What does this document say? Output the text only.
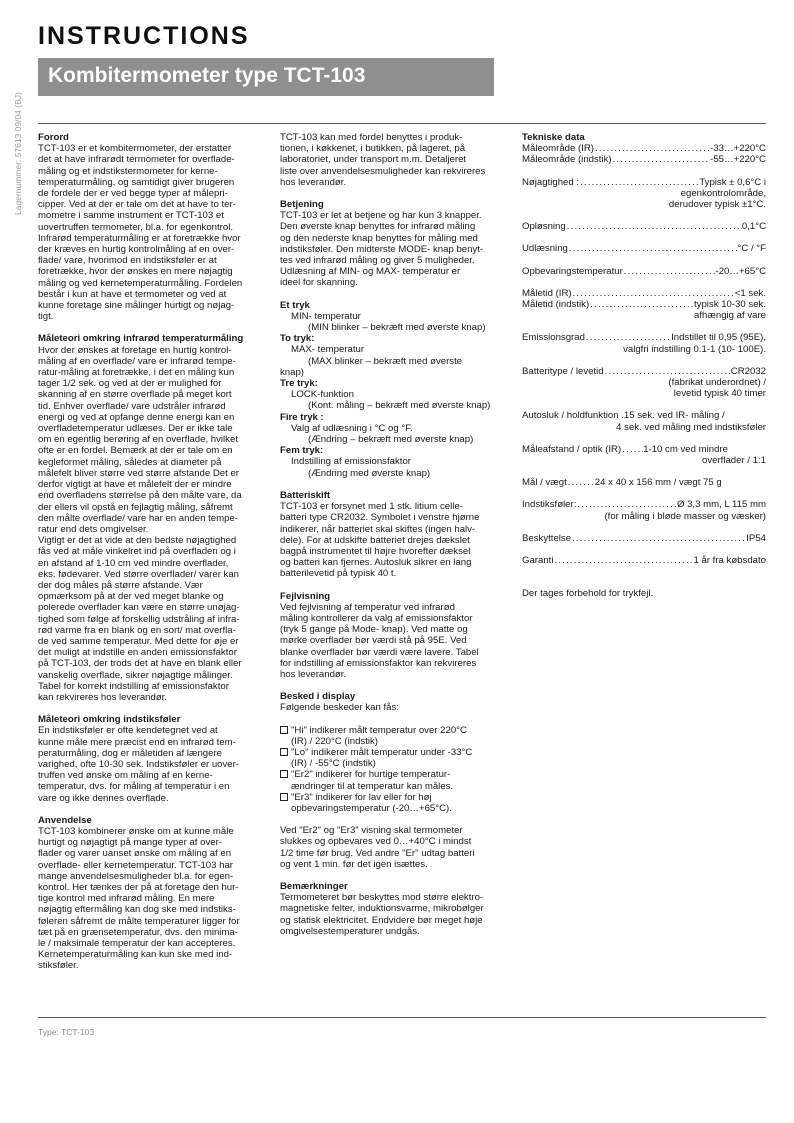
INSTRUCTIONS
Kombitermometer type TCT-103
Lagernummer: 57613 09/04 (BJ) Forord
TCT-103 er et kombitermometer, der erstatter
det at have infrarødt termometer for overflade-
måling og et indstikstermometer for kerne-
temperaturmåling, og samtidigt giver brugeren
de fordele der er ved begge typer af målepri-
cipper. Ved at der er tale om det at have to ter-
mometre i samme instrument er TCT-103 et
uovertruffen termometer, bl.a. for egenkontrol.
Infrarød temperaturmåling er at foretrække hvor
der kræves en hurtig kontrolmåling af en over-
flade/ vare, hvorimod en indstiksføler er at
foretrække, hvor der ønskes en mere nøjagtig
måling og ved kernetemperaturmåling. Fordelen
består i kun at have et termometer og ved at
kunne foretage sine målinger hurtigt og nøjag-
tigt.
Måleteori omkring infrarød temperaturmåling
Hvor der ønskes at foretage en hurtig kontrol-
måling af en overflade/ vare er infrarød tempe-
ratur-måling at foretrække, i det en måling kun
tager 1/2 sek. og ved at der er mulighed for
skanning af en større overflade på meget kort
tid. Enhver overflade/ vare udstråler infrarød
energi og ved at opfange denne energi kan en
overfladetemperatur udlæses. Der er ikke tale
om en egentlig berøring af en overflade, hvilket
ofte er en fordel. Bemærk at der er tale om en
kegleformet måling, således at diameter på
målefelt bliver større ved større afstande Det er
derfor vigtigt at have et målefelt der er mindre
end overfladens størrelse på den målte vare, da
der ellers vil opstå en fejlagtig måling, såfremt
den målte overflade/ vare har en anden tempe-
ratur end dets omgivelser.
Vigtigt er det at vide at den bedste nøjagtighed
fås ved at måle vinkelret ind på overfladen og i
en afstand af 1-10 cm ved mindre overflader,
eks. fødevarer. Ved større overflader/ varer kan
der dog måles på større afstande. Vær
opmærksom på at der ved meget blanke og
polerede overflader kan være en større unøjag-
tighed som følge af forskellig udstråling af infra-
rød varme fra en blank og en sort/ mat overfla-
de ved samme temperatur. Med dette for øje er
det muligt at indstille en anden emissionsfaktor
på TCT-103, der trods det at have en blank eller
vanskelig overflade, sikrer nøjagtige målinger.
Tabel for korrekt indstilling af emissionsfaktor
kan rekvireres hos leverandør.
Måleteori omkring indstiksføler
En indstiksføler er ofte kendetegnet ved at
kunne måle mere præcist end en infrarød tem-
peraturmåling, dog er måletiden af længere
varighed, ofte 10-30 sek. Indstiksføler er uover-
truffen ved ønske om måling af en kerne-
temperatur, dvs. for måling af temperatur i en
vare og ikke dennes overflade.
Anvendelse
TCT-103 kombinerer ønske om at kunne måle
hurtigt og nøjagtigt på mange typer af over-
flader og varer uanset ønske om måling af en
overflade- eller kernetemperatur. TCT-103 har
mange anvendelsesmuligheder bl.a. for egen-
kontrol. Her tænkes der på at foretage den hur-
tige kontrol med infrarød måling. En mere
nøjagtig eftermåling kan dog ske med indstiks-
føleren såfremt de målte temperaturer ligger for
tæt på en grænsetemperatur, dvs. den minima-
le / maksimale temperatur der kan accepteres.
Kernetemperaturmåling kan kun ske med ind-
stiksføler.
TCT-103 kan med fordel benyttes i produk-
tionen, i køkkenet, i butikken, på lageret, på
laboratoriet, under transport m.m. Detaljeret
liste over anvendelsesmuligheder kan rekvireres
hos leverandør.
Betjening
TCT-103 er let at betjene og har kun 3 knapper.
Den øverste knap benyttes for infrarød måling
og den nederste knap benyttes for måling med
indstiksføler. Den midterste MODE- knap benyt-
tes ved infrarød måling og giver 5 muligheder.
Udlæsning af MIN- og MAX- temperatur er
ideel for skanning.
Et tryk
MIN- temperatur
(MIN blinker – bekræft med øverste knap)
To tryk:
MAX- temperatur
(MAX blinker – bekræft med øverste
knap)
Tre tryk:
LOCK-funktion
(Kont. måling – bekræft med øverste knap)
Fire tryk :
Valg af udlæsning i °C og °F.
(Ændring – bekræft med øverste knap)
Fem tryk:
Indstilling af emissionsfaktor
(Ændring med øverste knap)
Batteriskift
TCT-103 er forsynet med 1 stk. litium celle-
batteri type CR2032. Symbolet i venstre hjørne
indikerer, når batteriet skal skiftes (ingen halv-
dele). For at udskifte batteriet drejes dækslet
bagpå instrumentet til højre hvorefter dæksel
og batteri kan fjernes. Autosluk sikrer en lang
batterilevetid på typisk 40 t.
Fejlvisning
Ved fejlvisning af temperatur ved infrarød
måling kontrollerer da valg af emissionsfaktor
(tryk 5 gange på Mode- knap). Ved matte og
mørke overflader bør værdi stå på 95E. Ved
blanke overflader bør værdi være lavere. Tabel
for indstilling af emissionsfaktor kan rekvireres
hos leverandør.
Besked i display
Følgende beskeder kan fås:
"Hi" indikerer målt temperatur over 220°C
(IR) / 220°C (indstik)
"Lo" indikerer målt temperatur under -33°C
(IR) / -55°C (indstik)
"Er2" indikerer for hurtige temperatur-
ændringer til at temperatur kan måles.
"Er3" indikerer for lav eller for høj
opbevaringstemperatur (-20…+65°C).
Ved "Er2" og "Er3" visning skal termometer
slukkes og opbevares ved 0…+40°C i mindst
1/2 time før brug. Ved andre "Er" udtag batteri
og vent 1 min. før det igen isættes.
Bemærkninger
Termometeret bør beskyttes mod større elektro-
magnetiske felter, induktionsvarme, mikrobølger
og statisk elektricitet. Endvidere bør meget høje
omgivelsestemperaturer undgås.
Tekniske data
Måleområde (IR) .....	-33…+220°C
Måleområde (indstik) .....	-55…+220°C
Nøjagtighed : .....	Typisk ± 0,6°C i
egenkontrolområde,
derudover typisk ±1°C.
Opløsning .....	0,1°C
Udlæsning .....	°C / °F
Opbevaringstemperatur .....	-20…+65°C
Måletid (IR) .....	<1 sek.
Måletid (indstik) .....	typisk 10-30 sek.
afhængig af vare
Emissionsgrad .....	Indstillet til 0,95 (95E),
valgfri indstilling 0.1-1 (10- 100E).
Batteritype / levetid .....	CR2032
(fabrikat underordnet) /
levetid typisk 40 timer
Autosluk / holdfunktion
.15 sek. ved IR- måling /
4 sek. ved måling med indstiksføler
Måleafstand / optik (IR) ..... 1-10 cm ved mindre
overflader / 1:1
Mål / vægt .....	24 x 40 x 156 mm / vægt 75 g
Indstiksføler: .....	Ø 3,3 mm, L 115 mm
(for måling i bløde masser og væsker)
Beskyttelse .....	IP54
Garanti .....	1 år fra købsdato
Der tages forbehold for trykfejl.
Type: TCT-103
